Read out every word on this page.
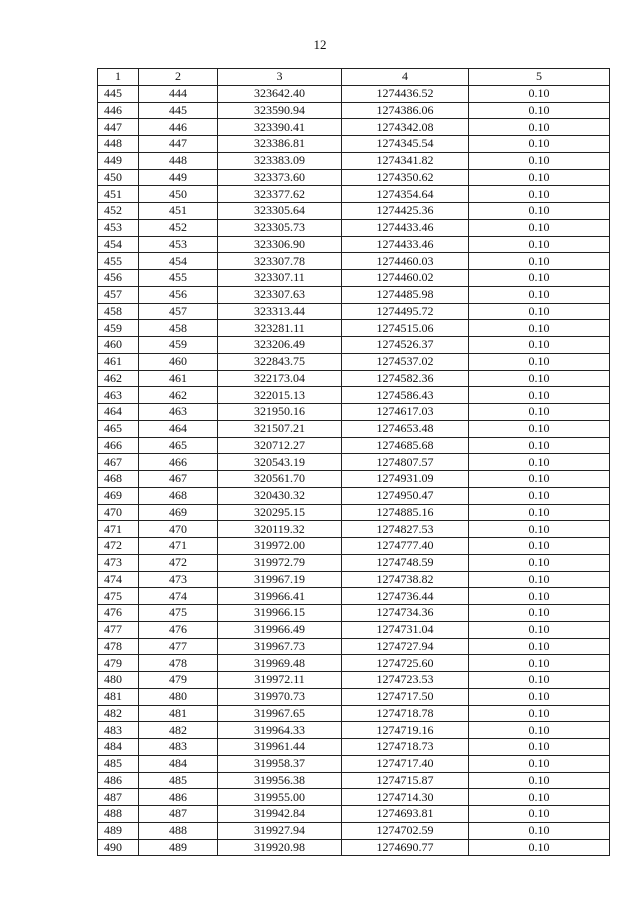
12
1	2	3	4	5
445	444	323642.40	1274436.52	0.10
446	445	323590.94	1274386.06	0.10
447	446	323390.41	1274342.08	0.10
448	447	323386.81	1274345.54	0.10
449	448	323383.09	1274341.82	0.10
450	449	323373.60	1274350.62	0.10
451	450	323377.62	1274354.64	0.10
452	451	323305.64	1274425.36	0.10
453	452	323305.73	1274433.46	0.10
454	453	323306.90	1274433.46	0.10
455	454	323307.78	1274460.03	0.10
456	455	323307.11	1274460.02	0.10
457	456	323307.63	1274485.98	0.10
458	457	323313.44	1274495.72	0.10
459	458	323281.11	1274515.06	0.10
460	459	323206.49	1274526.37	0.10
461	460	322843.75	1274537.02	0.10
462	461	322173.04	1274582.36	0.10
463	462	322015.13	1274586.43	0.10
464	463	321950.16	1274617.03	0.10
465	464	321507.21	1274653.48	0.10
466	465	320712.27	1274685.68	0.10
467	466	320543.19	1274807.57	0.10
468	467	320561.70	1274931.09	0.10
469	468	320430.32	1274950.47	0.10
470	469	320295.15	1274885.16	0.10
471	470	320119.32	1274827.53	0.10
472	471	319972.00	1274777.40	0.10
473	472	319972.79	1274748.59	0.10
474	473	319967.19	1274738.82	0.10
475	474	319966.41	1274736.44	0.10
476	475	319966.15	1274734.36	0.10
477	476	319966.49	1274731.04	0.10
478	477	319967.73	1274727.94	0.10
479	478	319969.48	1274725.60	0.10
480	479	319972.11	1274723.53	0.10
481	480	319970.73	1274717.50	0.10
482	481	319967.65	1274718.78	0.10
483	482	319964.33	1274719.16	0.10
484	483	319961.44	1274718.73	0.10
485	484	319958.37	1274717.40	0.10
486	485	319956.38	1274715.87	0.10
487	486	319955.00	1274714.30	0.10
488	487	319942.84	1274693.81	0.10
489	488	319927.94	1274702.59	0.10
490	489	319920.98	1274690.77	0.10
